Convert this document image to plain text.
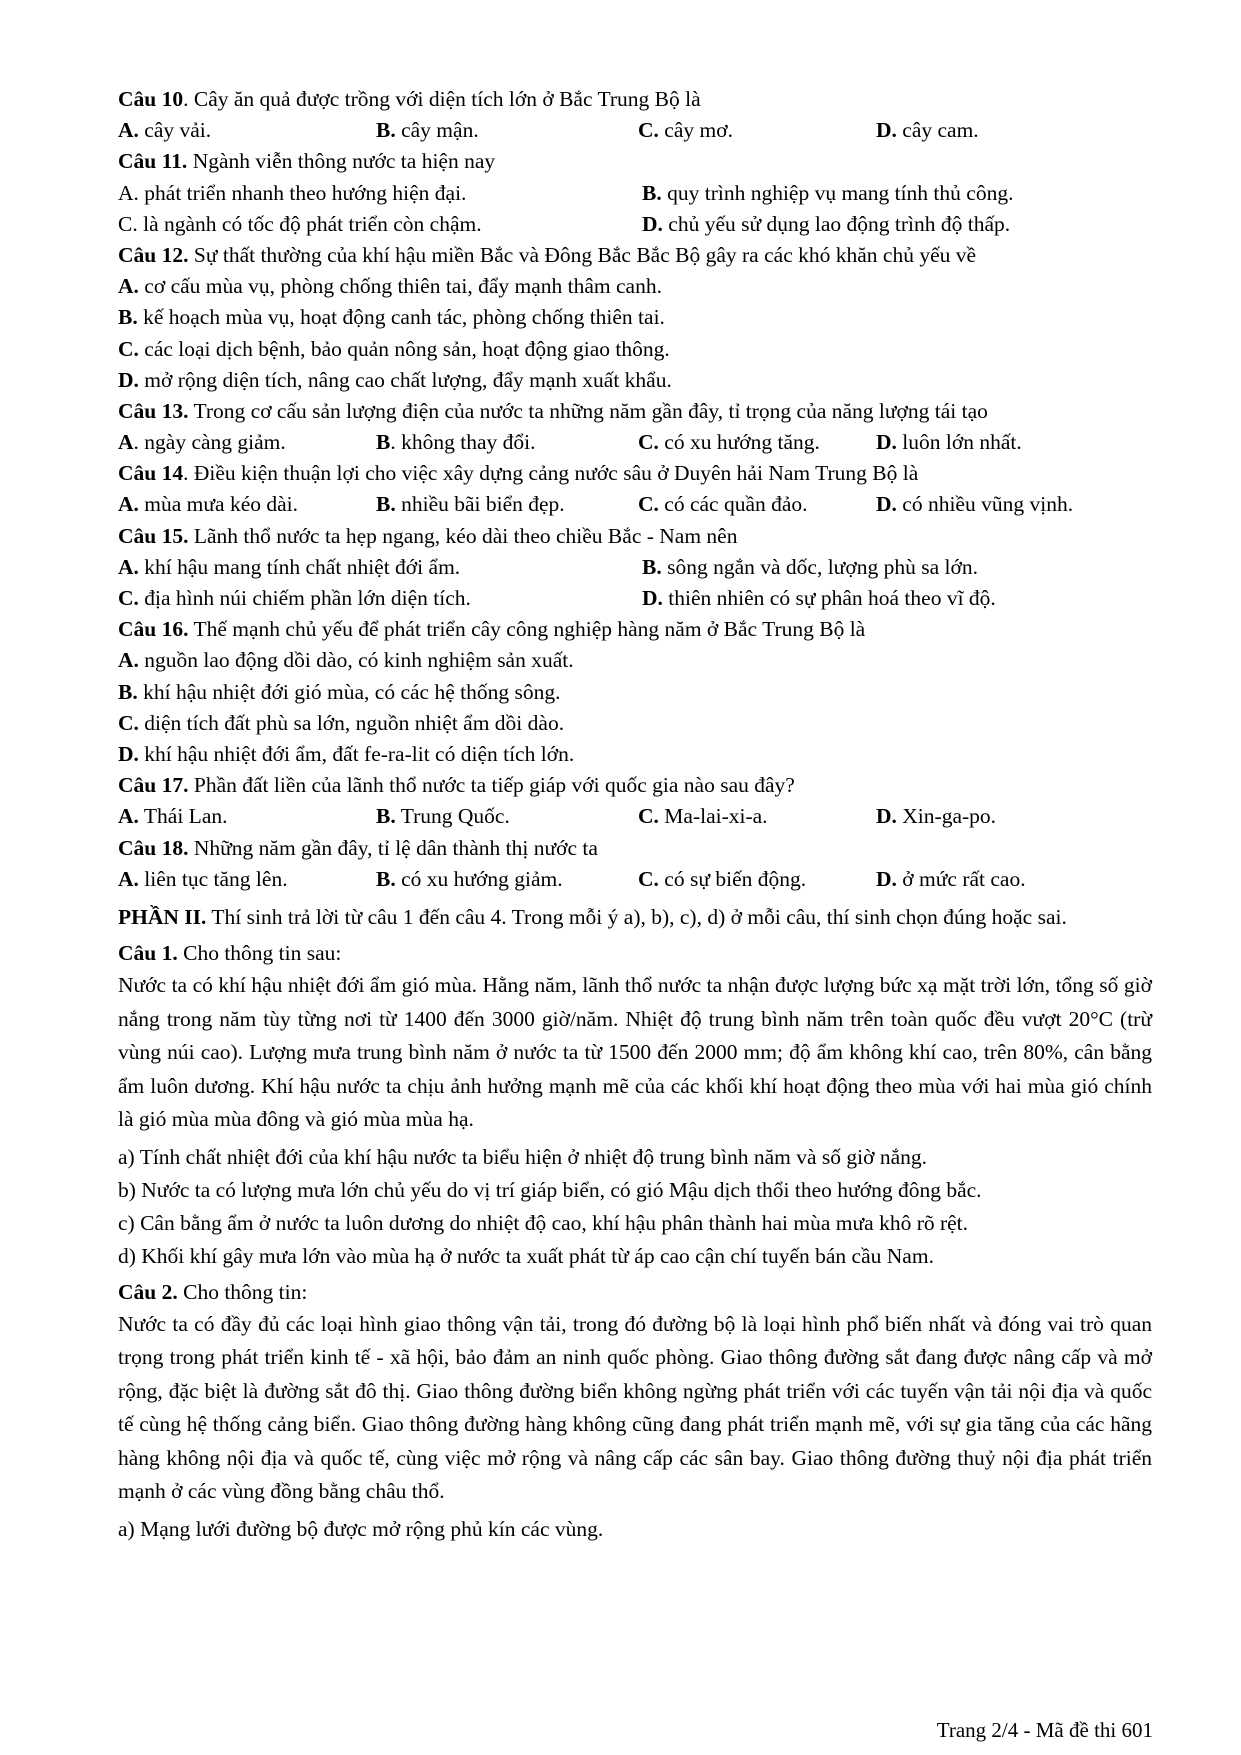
Câu 10. Cây ăn quả được trồng với diện tích lớn ở Bắc Trung Bộ là
A. cây vải.	B. cây mận.	C. cây mơ.	D. cây cam.
Câu 11. Ngành viễn thông nước ta hiện nay
A. phát triển nhanh theo hướng hiện đại.	B. quy trình nghiệp vụ mang tính thủ công.
C. là ngành có tốc độ phát triển còn chậm.	D. chủ yếu sử dụng lao động trình độ thấp.
Câu 12. Sự thất thường của khí hậu miền Bắc và Đông Bắc Bắc Bộ gây ra các khó khăn chủ yếu về
A. cơ cấu mùa vụ, phòng chống thiên tai, đẩy mạnh thâm canh.
B. kế hoạch mùa vụ, hoạt động canh tác, phòng chống thiên tai.
C. các loại dịch bệnh, bảo quản nông sản, hoạt động giao thông.
D. mở rộng diện tích, nâng cao chất lượng, đẩy mạnh xuất khẩu.
Câu 13. Trong cơ cấu sản lượng điện của nước ta những năm gần đây, tỉ trọng của năng lượng tái tạo
A. ngày càng giảm.	B. không thay đổi.	C. có xu hướng tăng.	D. luôn lớn nhất.
Câu 14. Điều kiện thuận lợi cho việc xây dựng cảng nước sâu ở Duyên hải Nam Trung Bộ là
A. mùa mưa kéo dài.	B. nhiều bãi biển đẹp.	C. có các quần đảo.	D. có nhiều vũng vịnh.
Câu 15. Lãnh thổ nước ta hẹp ngang, kéo dài theo chiều Bắc - Nam nên
A. khí hậu mang tính chất nhiệt đới ẩm.	B. sông ngắn và dốc, lượng phù sa lớn.
C. địa hình núi chiếm phần lớn diện tích.	D. thiên nhiên có sự phân hoá theo vĩ độ.
Câu 16. Thế mạnh chủ yếu để phát triển cây công nghiệp hàng năm ở Bắc Trung Bộ là
A. nguồn lao động dồi dào, có kinh nghiệm sản xuất.
B. khí hậu nhiệt đới gió mùa, có các hệ thống sông.
C. diện tích đất phù sa lớn, nguồn nhiệt ẩm dồi dào.
D. khí hậu nhiệt đới ẩm, đất fe-ra-lit có diện tích lớn.
Câu 17. Phần đất liền của lãnh thổ nước ta tiếp giáp với quốc gia nào sau đây?
A. Thái Lan.	B. Trung Quốc.	C. Ma-lai-xi-a.	D. Xin-ga-po.
Câu 18. Những năm gần đây, tỉ lệ dân thành thị nước ta
A. liên tục tăng lên.	B. có xu hướng giảm.	C. có sự biến động.	D. ở mức rất cao.
PHẦN II. Thí sinh trả lời từ câu 1 đến câu 4. Trong mỗi ý a), b), c), d) ở mỗi câu, thí sinh chọn đúng hoặc sai.
Câu 1. Cho thông tin sau:
Nước ta có khí hậu nhiệt đới ẩm gió mùa. Hằng năm, lãnh thổ nước ta nhận được lượng bức xạ mặt trời lớn, tổng số giờ nắng trong năm tùy từng nơi từ 1400 đến 3000 giờ/năm. Nhiệt độ trung bình năm trên toàn quốc đều vượt 20°C (trừ vùng núi cao). Lượng mưa trung bình năm ở nước ta từ 1500 đến 2000 mm; độ ẩm không khí cao, trên 80%, cân bằng ẩm luôn dương. Khí hậu nước ta chịu ảnh hưởng mạnh mẽ của các khối khí hoạt động theo mùa với hai mùa gió chính là gió mùa mùa đông và gió mùa mùa hạ.
a) Tính chất nhiệt đới của khí hậu nước ta biểu hiện ở nhiệt độ trung bình năm và số giờ nắng.
b) Nước ta có lượng mưa lớn chủ yếu do vị trí giáp biển, có gió Mậu dịch thổi theo hướng đông bắc.
c) Cân bằng ẩm ở nước ta luôn dương do nhiệt độ cao, khí hậu phân thành hai mùa mưa khô rõ rệt.
d) Khối khí gây mưa lớn vào mùa hạ ở nước ta xuất phát từ áp cao cận chí tuyến bán cầu Nam.
Câu 2. Cho thông tin:
Nước ta có đầy đủ các loại hình giao thông vận tải, trong đó đường bộ là loại hình phổ biến nhất và đóng vai trò quan trọng trong phát triển kinh tế - xã hội, bảo đảm an ninh quốc phòng. Giao thông đường sắt đang được nâng cấp và mở rộng, đặc biệt là đường sắt đô thị. Giao thông đường biển không ngừng phát triển với các tuyến vận tải nội địa và quốc tế cùng hệ thống cảng biển. Giao thông đường hàng không cũng đang phát triển mạnh mẽ, với sự gia tăng của các hãng hàng không nội địa và quốc tế, cùng việc mở rộng và nâng cấp các sân bay. Giao thông đường thuỷ nội địa phát triển mạnh ở các vùng đồng bằng châu thổ.
a) Mạng lưới đường bộ được mở rộng phủ kín các vùng.
Trang 2/4 - Mã đề thi 601
